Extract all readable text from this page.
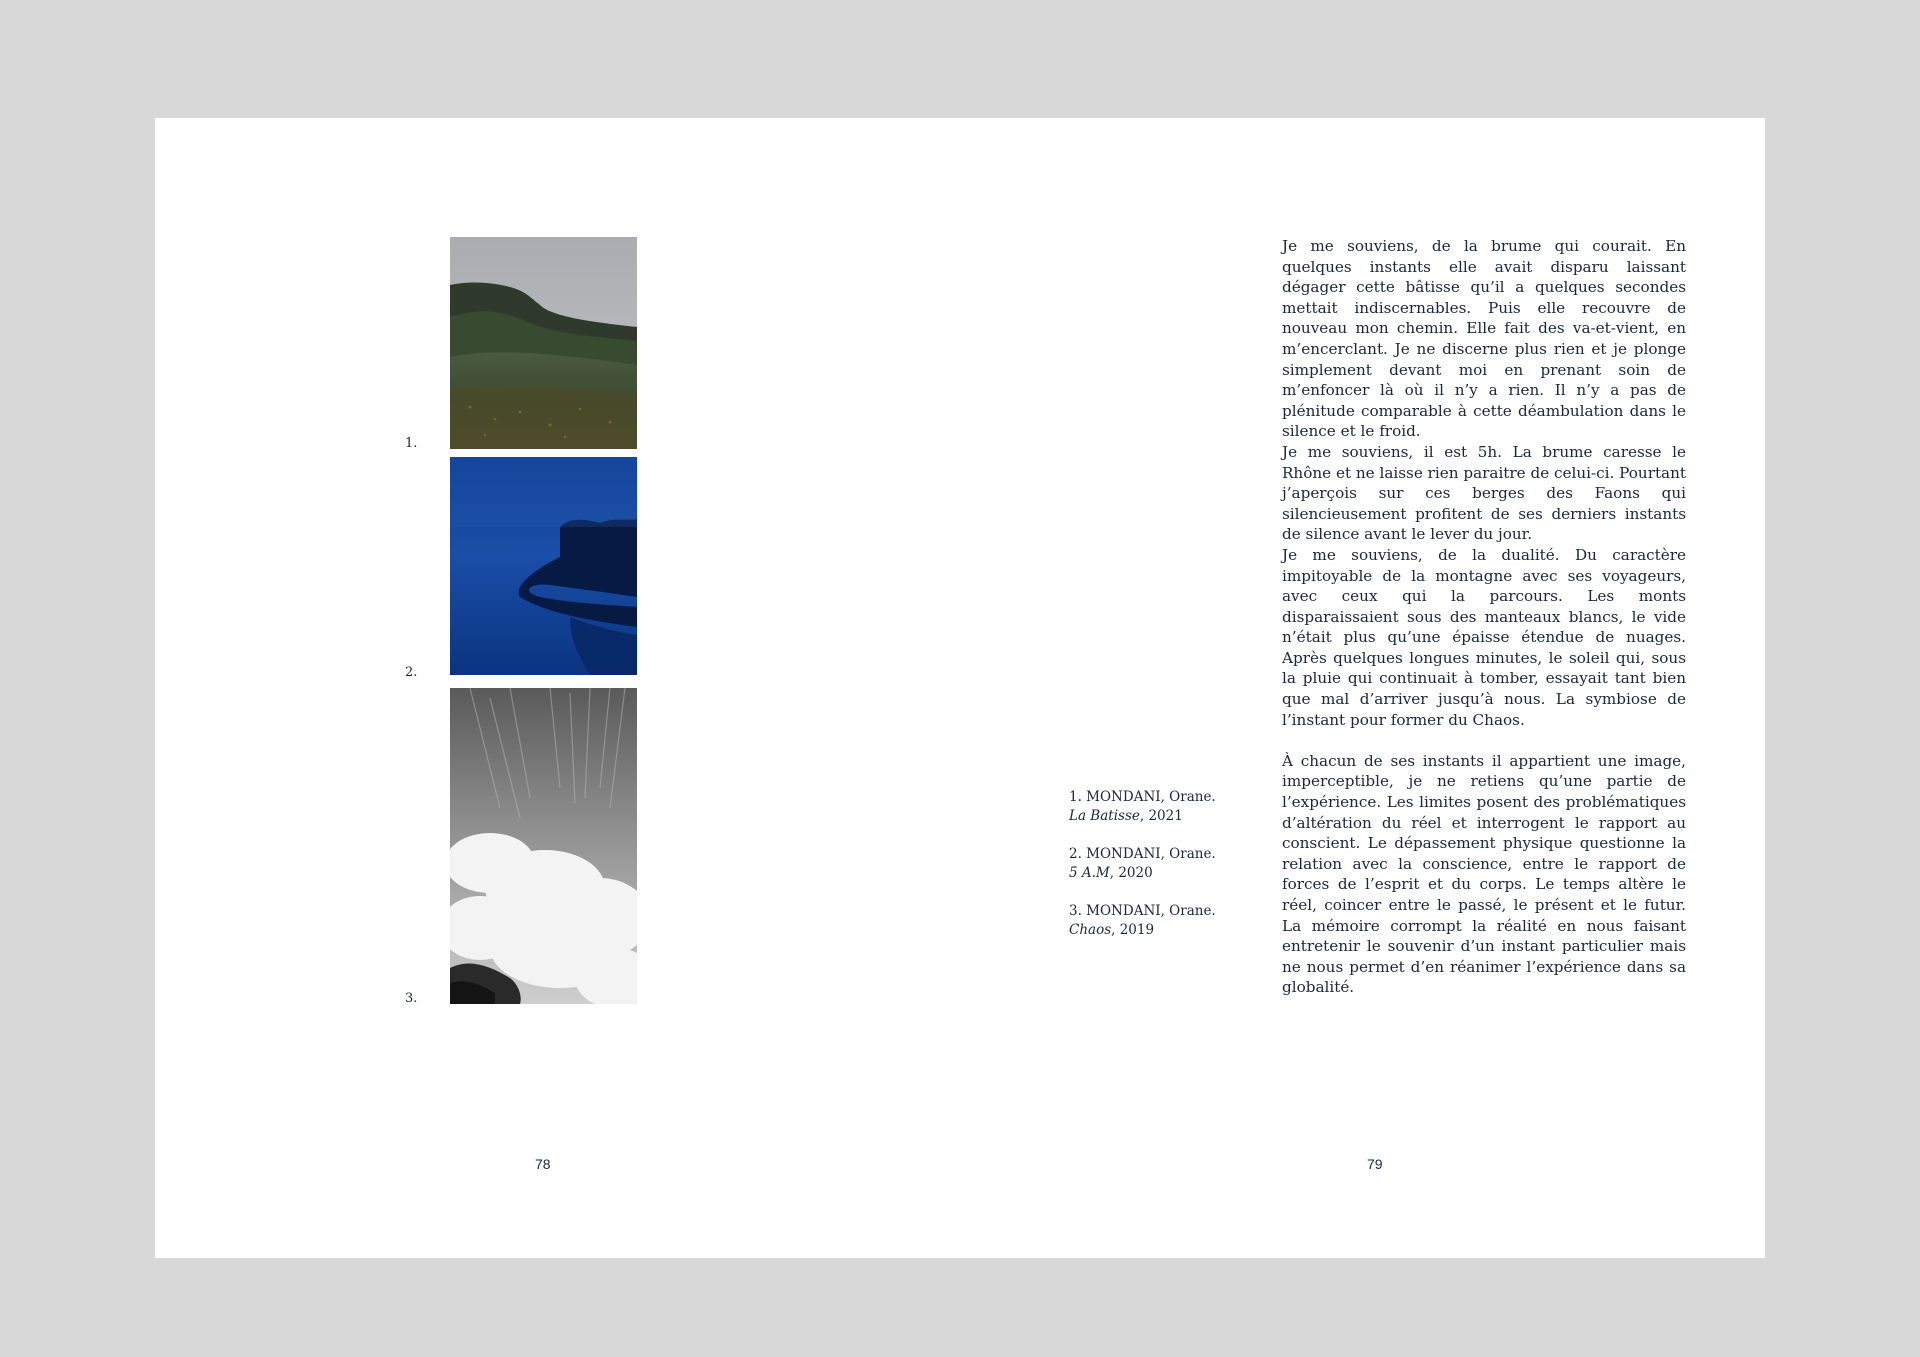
1.
2.
3.
78
1. MONDANI, Orane.
La Batisse, 2021
2. MONDANI, Orane.
5 A.M, 2020
3. MONDANI, Orane.
Chaos, 2019

Je me souviens, de la brume qui courait. En quelques instants elle avait disparu laissant dégager cette bâtisse qu’il a quelques secondes mettait indiscernables. Puis elle recouvre de nouveau mon chemin. Elle fait des va-et-vient, en m’encerclant. Je ne discerne plus rien et je plonge simplement devant moi en prenant soin de m’enfoncer là où il n’y a rien. Il n’y a pas de plénitude comparable à cette déambulation dans le silence et le froid.

Je me souviens, il est 5h. La brume caresse le Rhône et ne laisse rien paraitre de celui-ci. Pourtant j’aperçois sur ces berges des Faons qui silencieusement profitent de ses derniers instants de silence avant le lever du jour.

Je me souviens, de la dualité. Du caractère impitoyable de la montagne avec ses voyageurs, avec ceux qui la parcours. Les monts disparaissaient sous des manteaux blancs, le vide n’était plus qu’une épaisse étendue de nuages. Après quelques longues minutes, le soleil qui, sous la pluie qui continuait à tomber, essayait tant bien que mal d’arriver jusqu’à nous. La symbiose de l’instant pour former du Chaos.

À chacun de ses instants il appartient une image, imperceptible, je ne retiens qu’une partie de l’expérience. Les limites posent des problématiques d’altération du réel et interrogent le rapport au conscient. Le dépassement physique questionne la relation avec la conscience, entre le rapport de forces de l’esprit et du corps. Le temps altère le réel, coincer entre le passé, le présent et le futur. La mémoire corrompt la réalité en nous faisant entretenir le souvenir d’un instant particulier mais ne nous permet d’en réanimer l’expérience dans sa globalité.

79
